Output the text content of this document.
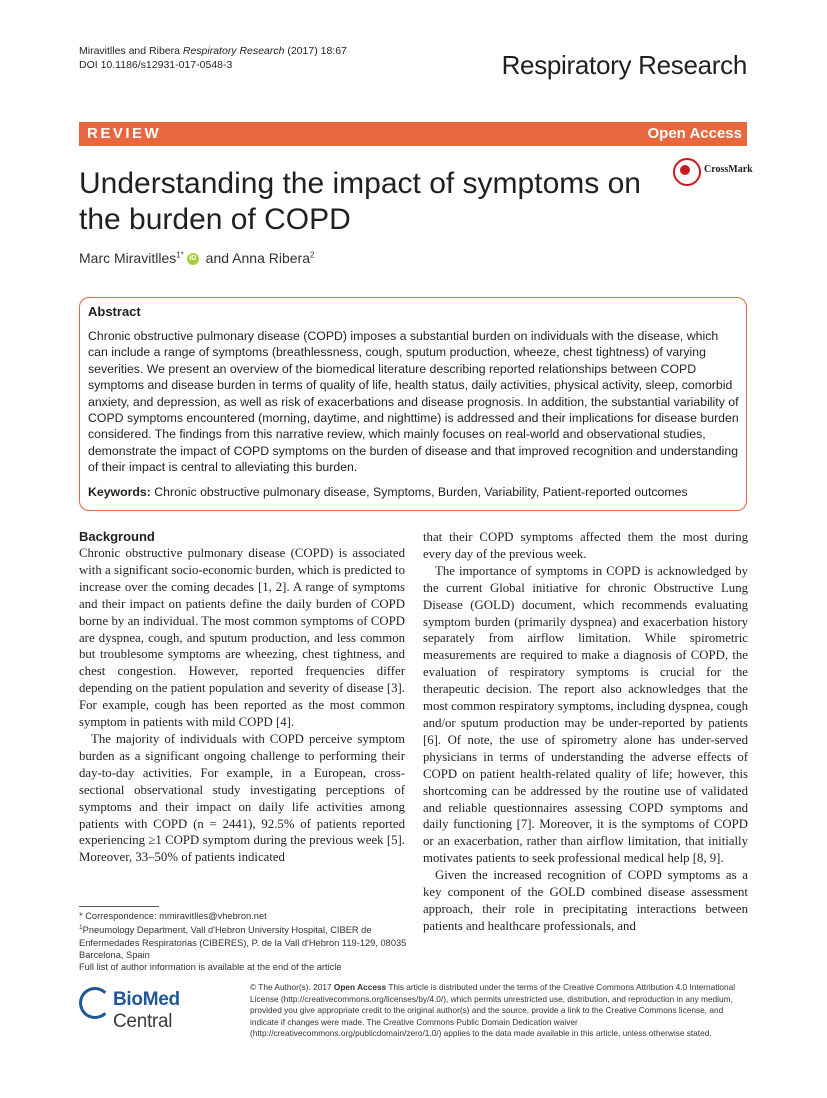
Miravitlles and Ribera Respiratory Research (2017) 18:67
DOI 10.1186/s12931-017-0548-3	Respiratory Research
REVIEW	Open Access
Understanding the impact of symptoms on the burden of COPD
CrossMark
Marc Miravitlles$^{1*}$ iD and Anna Ribera$^2$
Abstract
Chronic obstructive pulmonary disease (COPD) imposes a substantial burden on individuals with the disease, which can include a range of symptoms (breathlessness, cough, sputum production, wheeze, chest tightness) of varying severities. We present an overview of the biomedical literature describing reported relationships between COPD symptoms and disease burden in terms of quality of life, health status, daily activities, physical activity, sleep, comorbid anxiety, and depression, as well as risk of exacerbations and disease prognosis. In addition, the substantial variability of COPD symptoms encountered (morning, daytime, and nighttime) is addressed and their implications for disease burden considered. The findings from this narrative review, which mainly focuses on real-world and observational studies, demonstrate the impact of COPD symptoms on the burden of disease and that improved recognition and understanding of their impact is central to alleviating this burden.
Keywords: Chronic obstructive pulmonary disease, Symptoms, Burden, Variability, Patient-reported outcomes
Background

Chronic obstructive pulmonary disease (COPD) is associated with a significant socio-economic burden, which is predicted to increase over the coming decades [1, 2]. A range of symptoms and their impact on patients define the daily burden of COPD borne by an individual. The most common symptoms of COPD are dyspnea, cough, and sputum production, and less common but troublesome symptoms are wheezing, chest tightness, and chest congestion. However, reported frequencies differ depending on the patient population and severity of disease [3]. For example, cough has been reported as the most common symptom in patients with mild COPD [4].

The majority of individuals with COPD perceive symptom burden as a significant ongoing challenge to performing their day-to-day activities. For example, in a European, cross-sectional observational study investigating perceptions of symptoms and their impact on daily life activities among patients with COPD (n = 2441), 92.5% of patients reported experiencing ≥1 COPD symptom during the previous week [5]. Moreover, 33–50% of patients indicated

that their COPD symptoms affected them the most during every day of the previous week.

The importance of symptoms in COPD is acknowledged by the current Global initiative for chronic Obstructive Lung Disease (GOLD) document, which recommends evaluating symptom burden (primarily dyspnea) and exacerbation history separately from airflow limitation. While spirometric measurements are required to make a diagnosis of COPD, the evaluation of respiratory symptoms is crucial for the therapeutic decision. The report also acknowledges that the most common respiratory symptoms, including dyspnea, cough and/or sputum production may be under-reported by patients [6]. Of note, the use of spirometry alone has under-served physicians in terms of understanding the adverse effects of COPD on patient health-related quality of life; however, this shortcoming can be addressed by the routine use of validated and reliable questionnaires assessing COPD symptoms and daily functioning [7]. Moreover, it is the symptoms of COPD or an exacerbation, rather than airflow limitation, that initially motivates patients to seek professional medical help [8, 9].

Given the increased recognition of COPD symptoms as a key component of the GOLD combined disease assessment approach, their role in precipitating interactions between patients and healthcare professionals, and

* Correspondence: mmiravitlles@vhebron.net
$^1$Pneumology Department, Vall d'Hebron University Hospital, CIBER de Enfermedades Respiratorias (CIBERES), P. de la Vall d'Hebron 119-129, 08035 Barcelona, Spain
Full list of author information is available at the end of the article
BioMed Central
© The Author(s). 2017 Open Access This article is distributed under the terms of the Creative Commons Attribution 4.0 International License (http://creativecommons.org/licenses/by/4.0/), which permits unrestricted use, distribution, and reproduction in any medium, provided you give appropriate credit to the original author(s) and the source, provide a link to the Creative Commons license, and indicate if changes were made. The Creative Commons Public Domain Dedication waiver (http://creativecommons.org/publicdomain/zero/1.0/) applies to the data made available in this article, unless otherwise stated.
